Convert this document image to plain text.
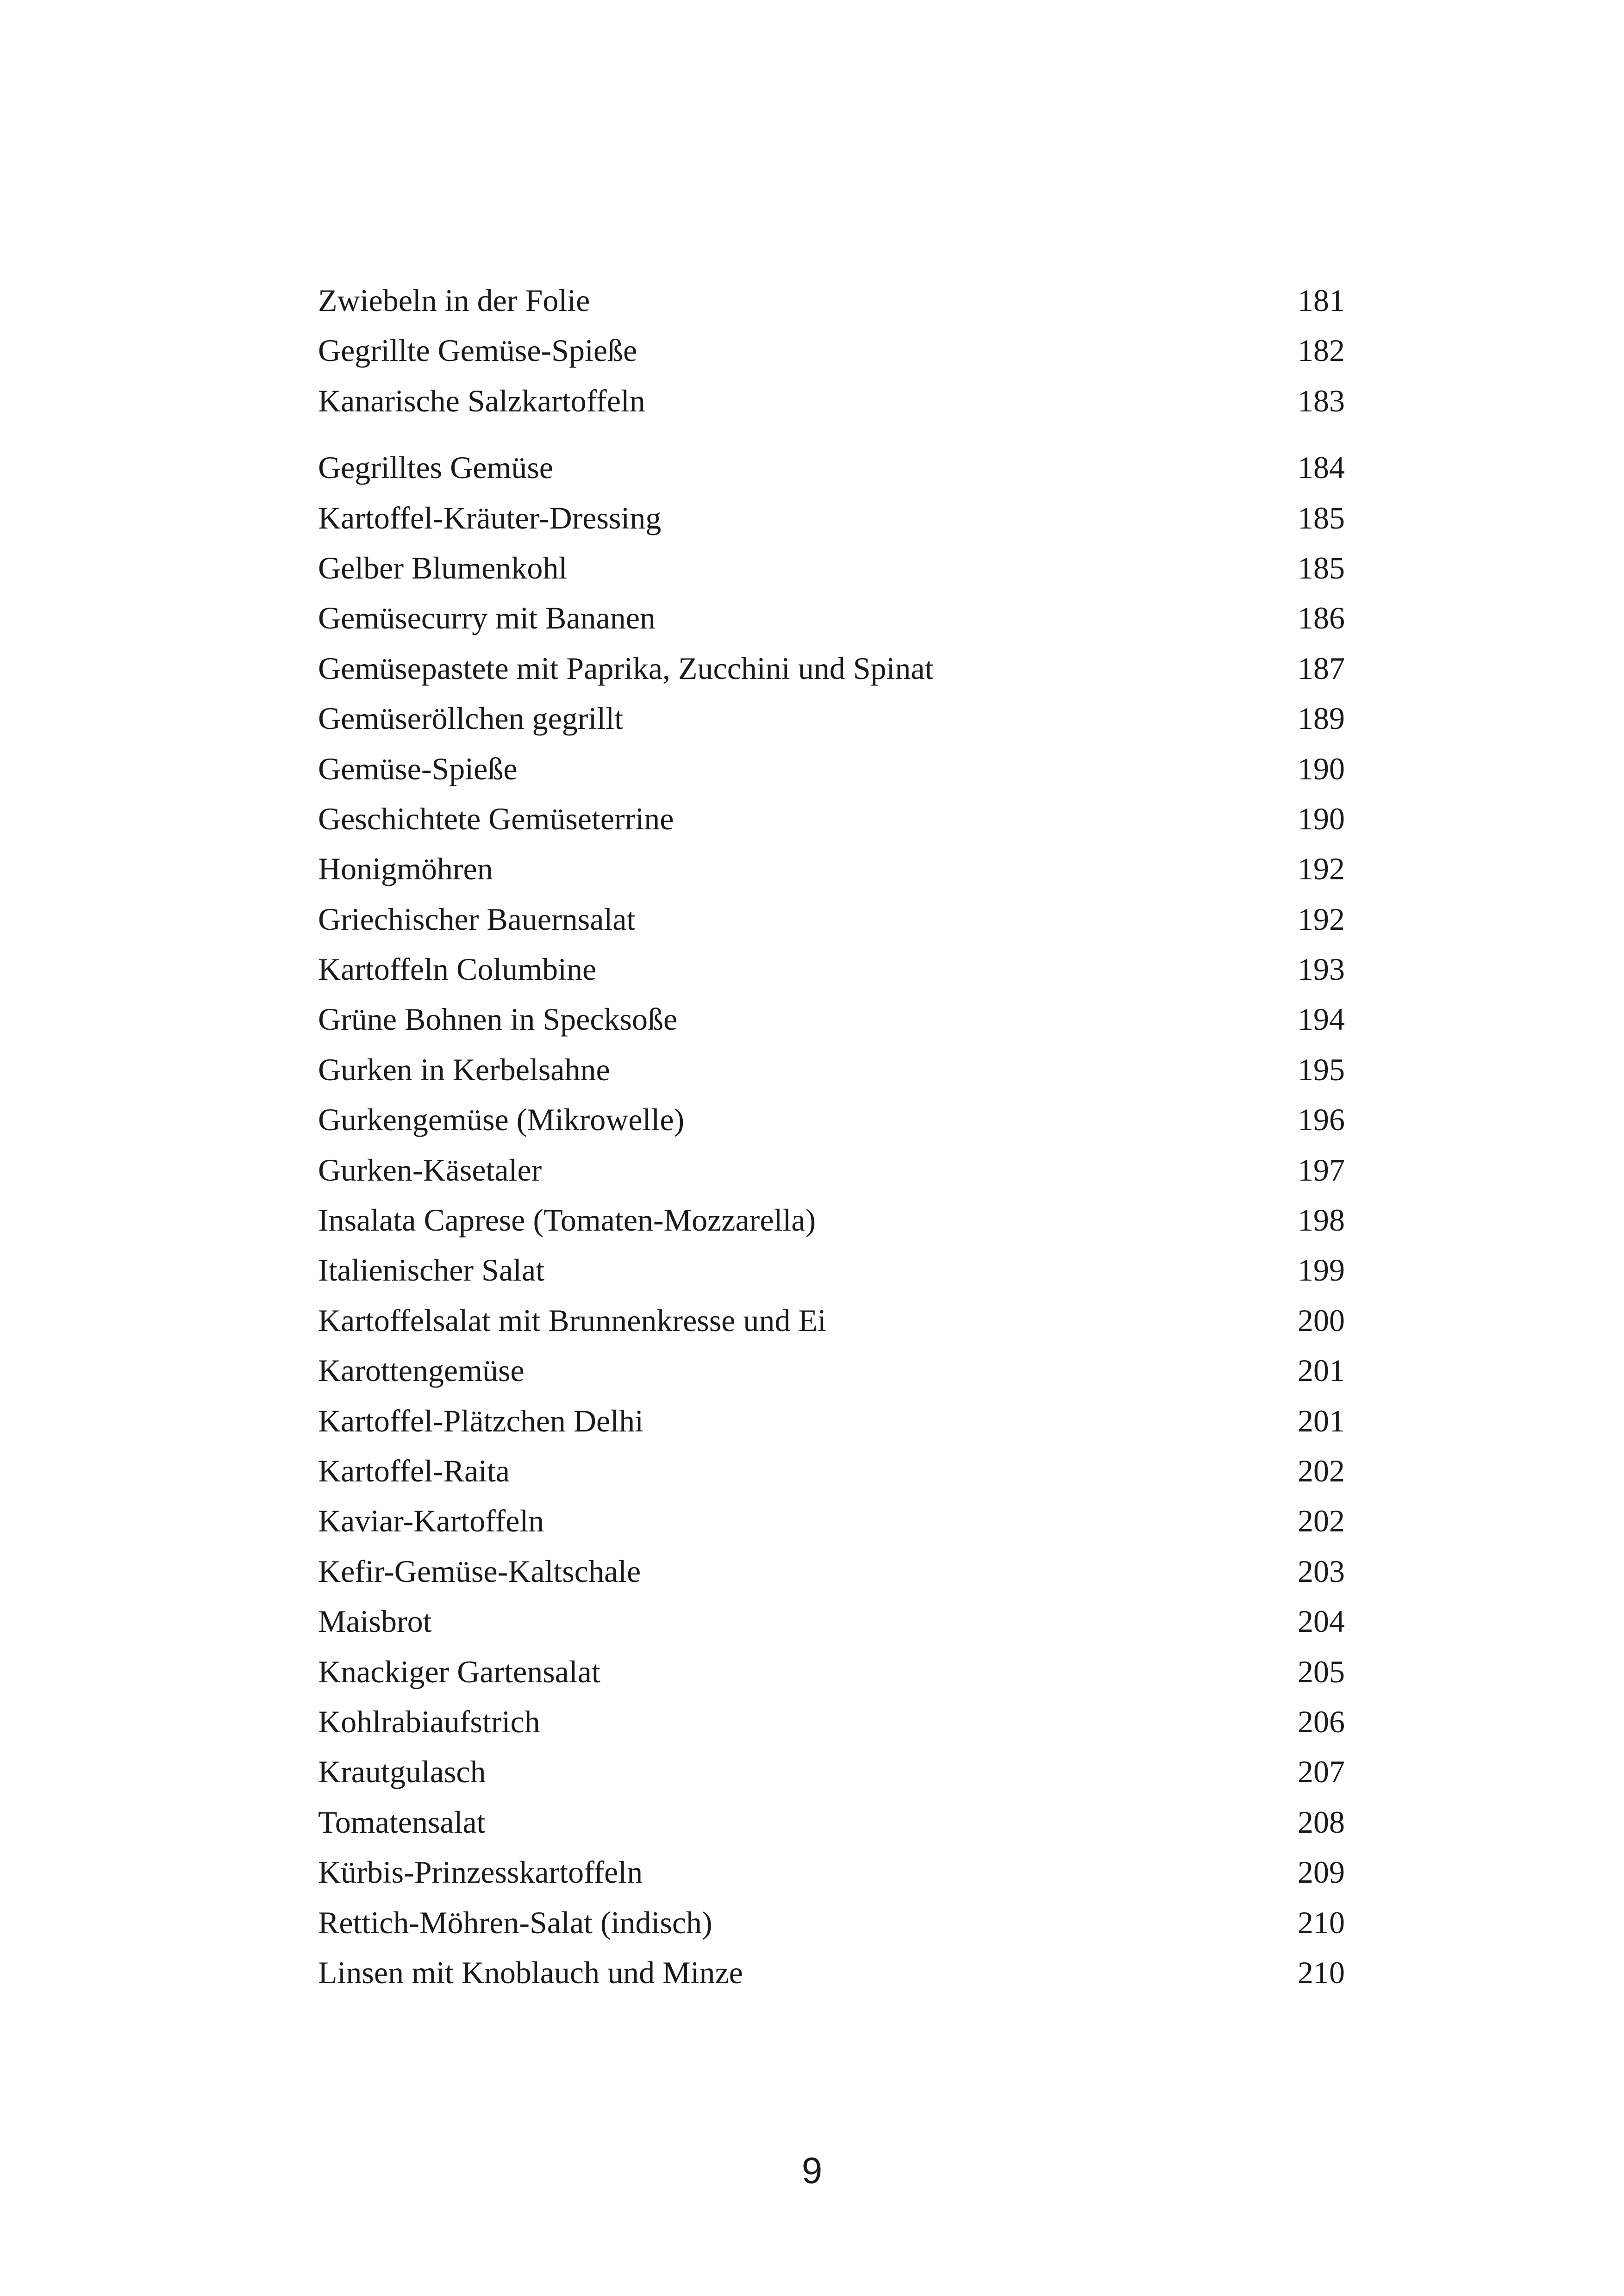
Zwiebeln in der Folie	181
Gegrillte Gemüse-Spieße	182
Kanarische Salzkartoffeln	183
Gegrilltes Gemüse	184
Kartoffel-Kräuter-Dressing	185
Gelber Blumenkohl	185
Gemüsecurry mit Bananen	186
Gemüsepastete mit Paprika, Zucchini und Spinat	187
Gemüseröllchen gegrillt	189
Gemüse-Spieße	190
Geschichtete Gemüseterrine	190
Honigmöhren	192
Griechischer Bauernsalat	192
Kartoffeln Columbine	193
Grüne Bohnen in Specksoße	194
Gurken in Kerbelsahne	195
Gurkengemüse (Mikrowelle)	196
Gurken-Käsetaler	197
Insalata Caprese (Tomaten-Mozzarella)	198
Italienischer Salat	199
Kartoffelsalat mit Brunnenkresse und Ei	200
Karottengemüse	201
Kartoffel-Plätzchen Delhi	201
Kartoffel-Raita	202
Kaviar-Kartoffeln	202
Kefir-Gemüse-Kaltschale	203
Maisbrot	204
Knackiger Gartensalat	205
Kohlrabiaufstrich	206
Krautgulasch	207
Tomatensalat	208
Kürbis-Prinzesskartoffeln	209
Rettich-Möhren-Salat (indisch)	210
Linsen mit Knoblauch und Minze	210
9
